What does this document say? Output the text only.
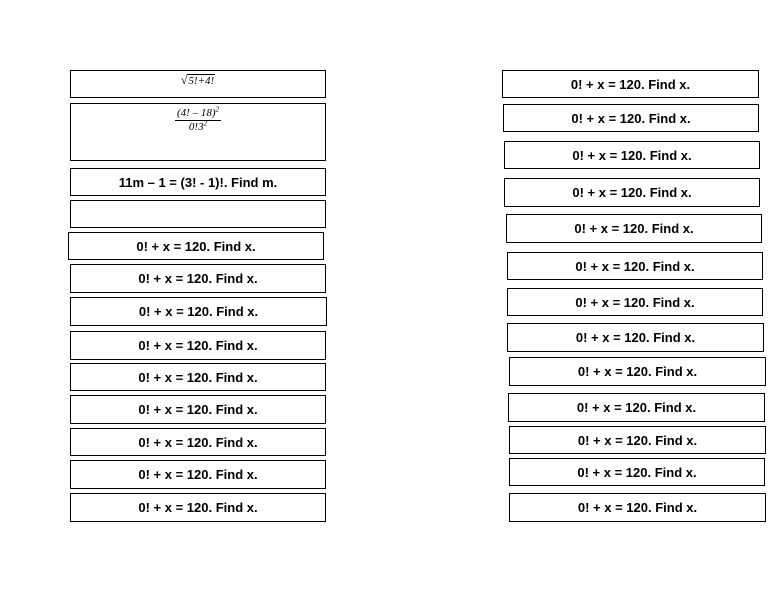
√ 5!+4!
$\frac{(4! - 18)^2}{0!3^2}$
11m – 1 = (3! - 1)!. Find m.
0! + x = 120. Find x.
0! + x = 120. Find x.
0! + x = 120. Find x.
0! + x = 120. Find x.
0! + x = 120. Find x.
0! + x = 120. Find x.
0! + x = 120. Find x.
0! + x = 120. Find x.
0! + x = 120. Find x.
0! + x = 120. Find x.
0! + x = 120. Find x.
0! + x = 120. Find x.
0! + x = 120. Find x.
0! + x = 120. Find x.
0! + x = 120. Find x.
0! + x = 120. Find x.
0! + x = 120. Find x.
0! + x = 120. Find x.
0! + x = 120. Find x.
0! + x = 120. Find x.
0! + x = 120. Find x.
0! + x = 120. Find x.
